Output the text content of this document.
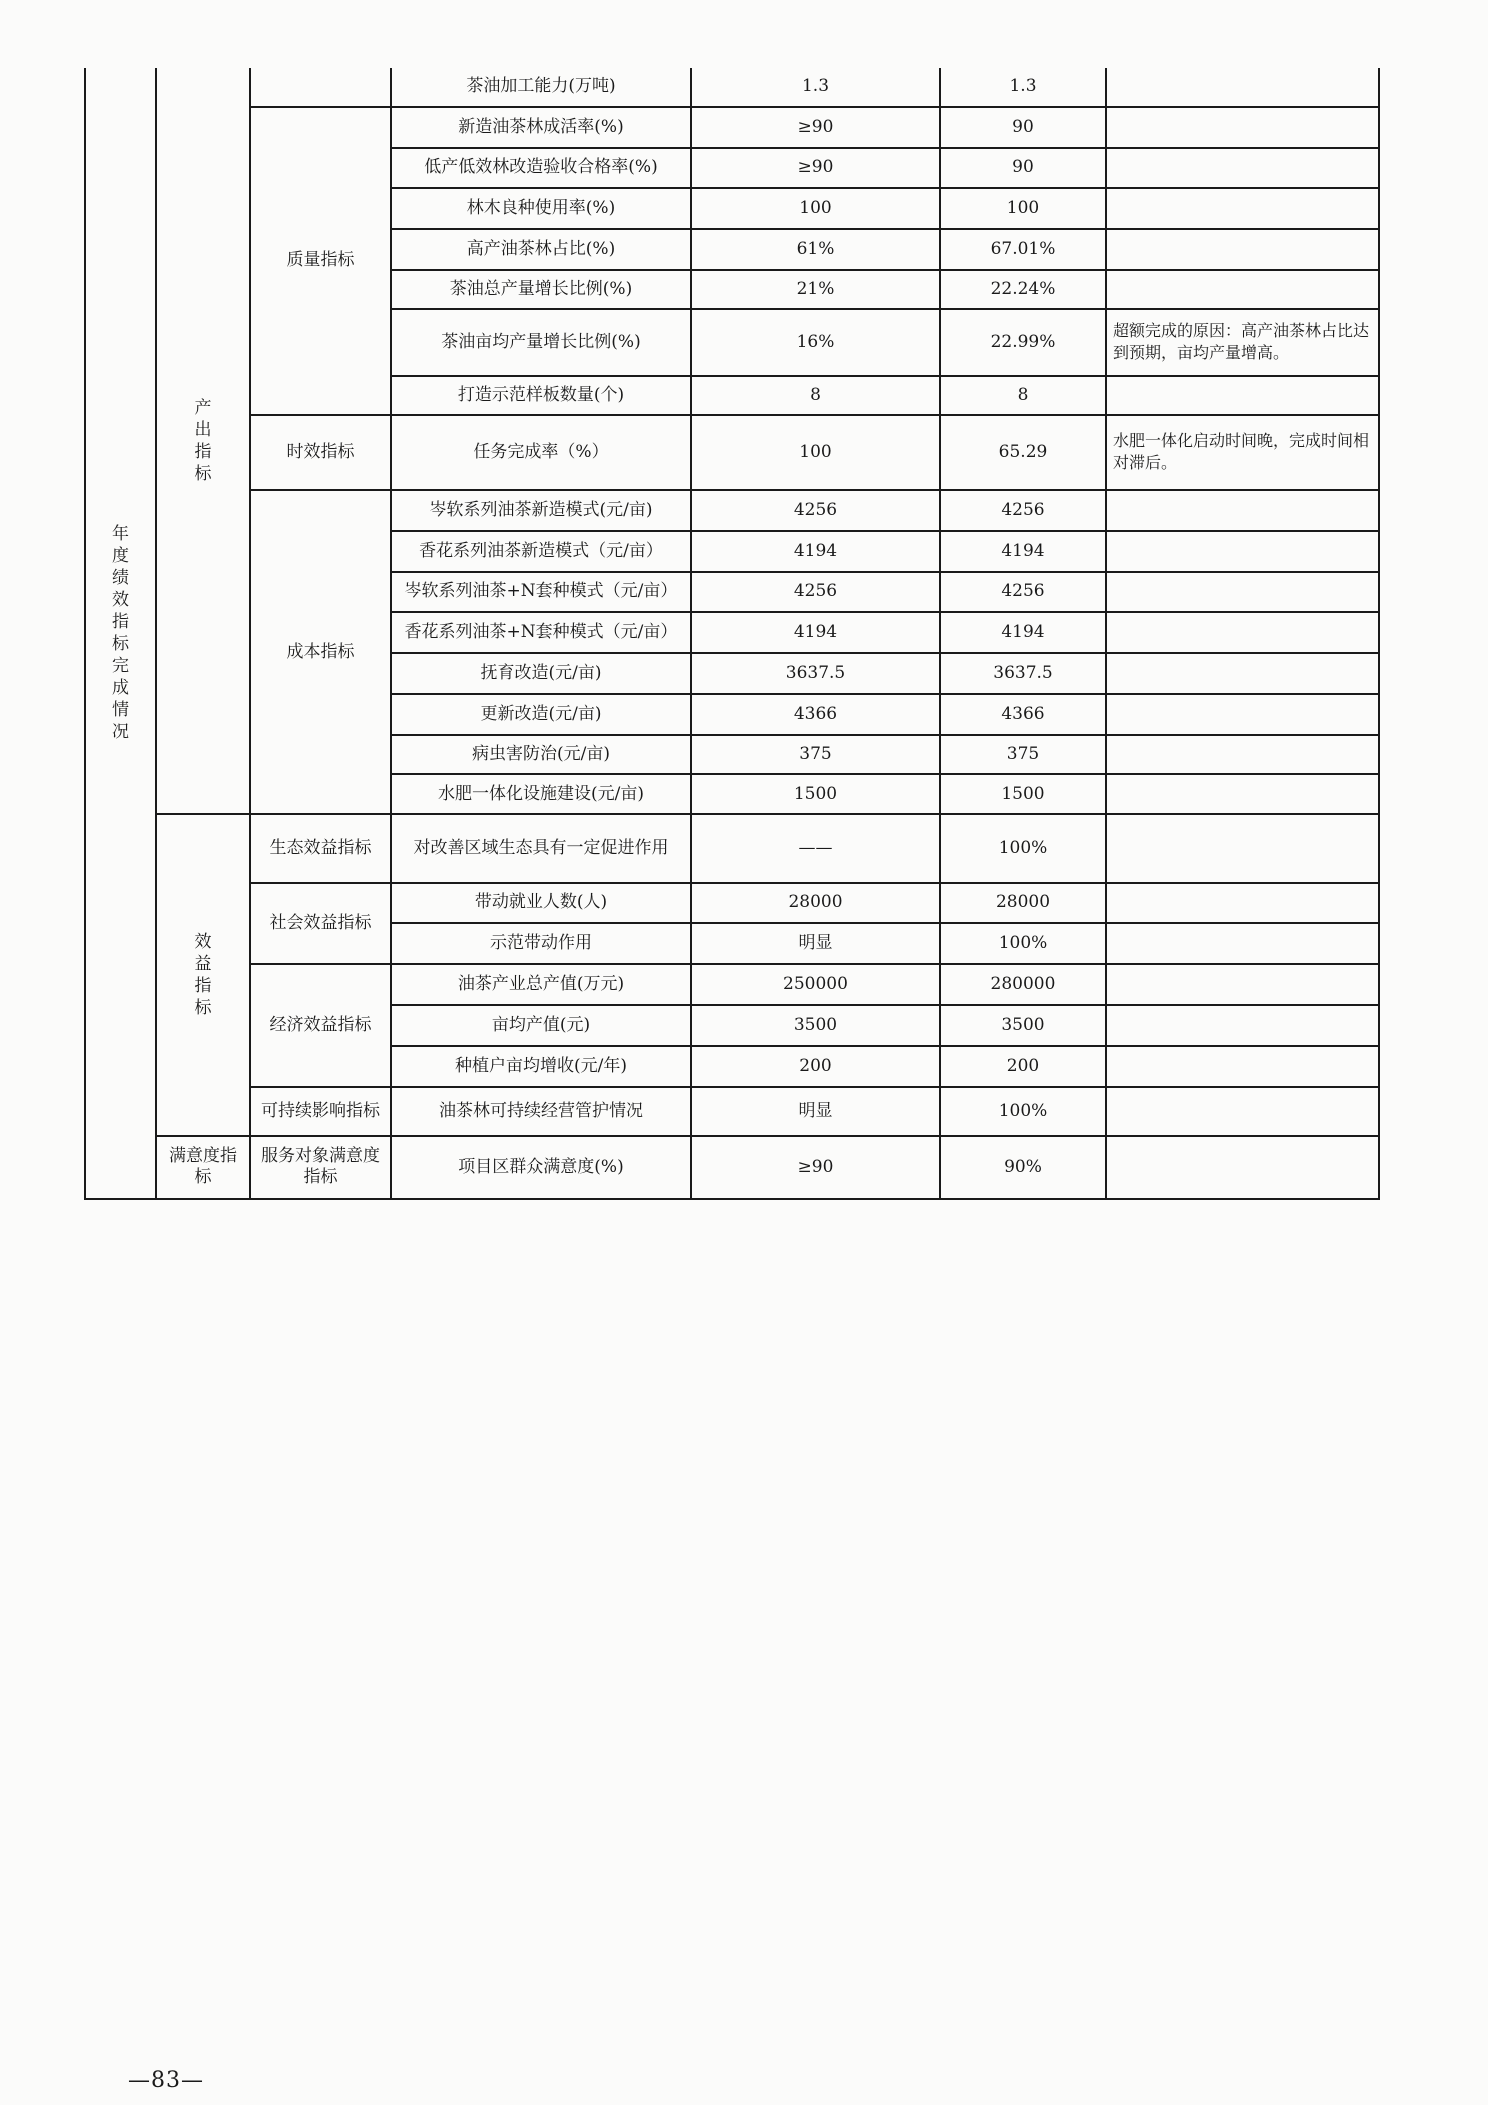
年度绩效指标完成情况	产出指标		茶油加工能力(万吨)	1.3	1.3	
		质量指标	新造油茶林成活率(%)	≥90	90	
			低产低效林改造验收合格率(%)	≥90	90	
			林木良种使用率(%)	100	100	
			高产油茶林占比(%)	61%	67.01%	
			茶油总产量增长比例(%)	21%	22.24%	
			茶油亩均产量增长比例(%)	16%	22.99%	超额完成的原因：高产油茶林占比达到预期，亩均产量增高。
			打造示范样板数量(个)	8	8	
		时效指标	任务完成率（%）	100	65.29	水肥一体化启动时间晚，完成时间相对滞后。
		成本指标	岑软系列油茶新造模式(元/亩)	4256	4256	
			香花系列油茶新造模式（元/亩）	4194	4194	
			岑软系列油茶+N套种模式（元/亩）	4256	4256	
			香花系列油茶+N套种模式（元/亩）	4194	4194	
			抚育改造(元/亩)	3637.5	3637.5	
			更新改造(元/亩)	4366	4366	
			病虫害防治(元/亩)	375	375	
			水肥一体化设施建设(元/亩)	1500	1500	
	效益指标	生态效益指标	对改善区域生态具有一定促进作用	——	100%	
		社会效益指标	带动就业人数(人)	28000	28000	
			示范带动作用	明显	100%	
		经济效益指标	油茶产业总产值(万元)	250000	280000	
			亩均产值(元)	3500	3500	
			种植户亩均增收(元/年)	200	200	
		可持续影响指标	油茶林可持续经营管护情况	明显	100%	
	满意度指标	服务对象满意度指标	项目区群众满意度(%)	≥90	90%	
—83—
